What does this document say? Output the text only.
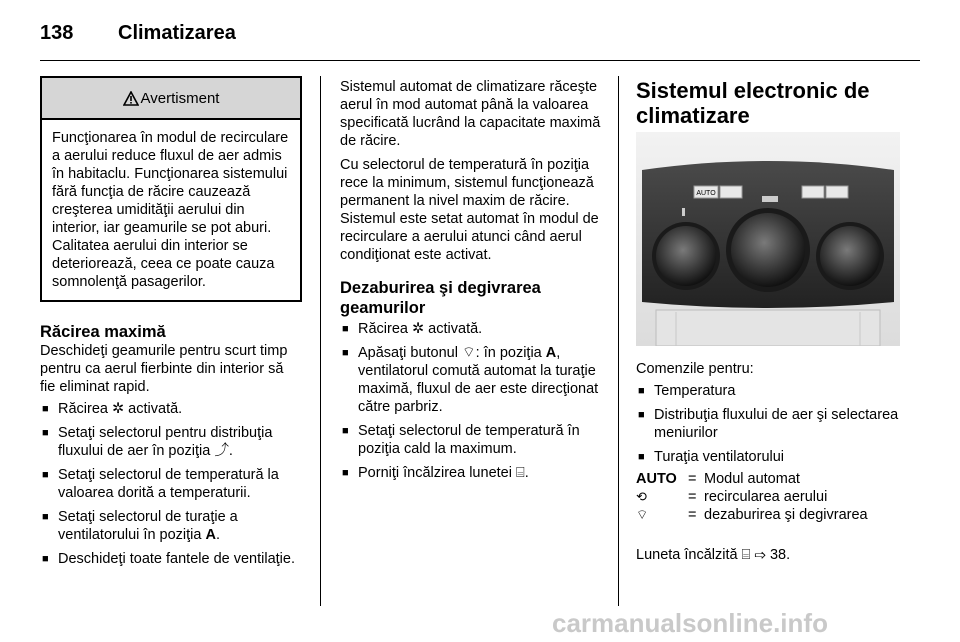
138 Climatizarea
Avertisment
Funcţionarea în modul de recirculare a aerului reduce fluxul de aer admis în habitaclu. Funcţionarea sistemului fără funcţia de răcire cauzează creşterea umidităţii aerului din interior, iar geamurile se pot aburi. Calitatea aerului din interior se deteriorează, ceea ce poate cauza somnolenţă pasagerilor.
Răcirea maximă
Deschideţi geamurile pentru scurt timp pentru ca aerul fierbinte din interior să fie eliminat rapid.
■ Răcirea ✲ activată.
■ Setaţi selectorul pentru distribuţia fluxului de aer în poziţia ⤴.
■ Setaţi selectorul de temperatură la valoarea dorită a temperaturii.
■ Setaţi selectorul de turaţie a ventilatorului în poziţia A.
■ Deschideţi toate fantele de ventilaţie.
Sistemul automat de climatizare răceşte aerul în mod automat până la valoarea specificată lucrând la capacitate maximă de răcire.
Cu selectorul de temperatură în poziţia rece la minimum, sistemul funcţionează permanent la nivel maxim de răcire. Sistemul este setat automat în modul de recirculare a aerului atunci când aerul condiţionat este activat.
Dezaburirea şi degivrarea geamurilor
■ Răcirea ✲ activată.
■ Apăsaţi butonul ⌔: în poziţia A, ventilatorul comută automat la turaţie maximă, fluxul de aer este direcţionat către parbriz.
■ Setaţi selectorul de temperatură în poziţia cald la maximum.
■ Porniţi încălzirea lunetei ⌸.
Sistemul electronic de climatizare
AUTO
Comenzile pentru:
■ Temperatura
■ Distribuţia fluxului de aer şi selectarea meniurilor
■ Turaţia ventilatorului
AUTO	=	Modul automat
⟲	=	recircularea aerului
⌔	=	dezaburirea şi degivrarea
Luneta încălzită ⌸ ⇨ 38.
carmanualsonline.info
